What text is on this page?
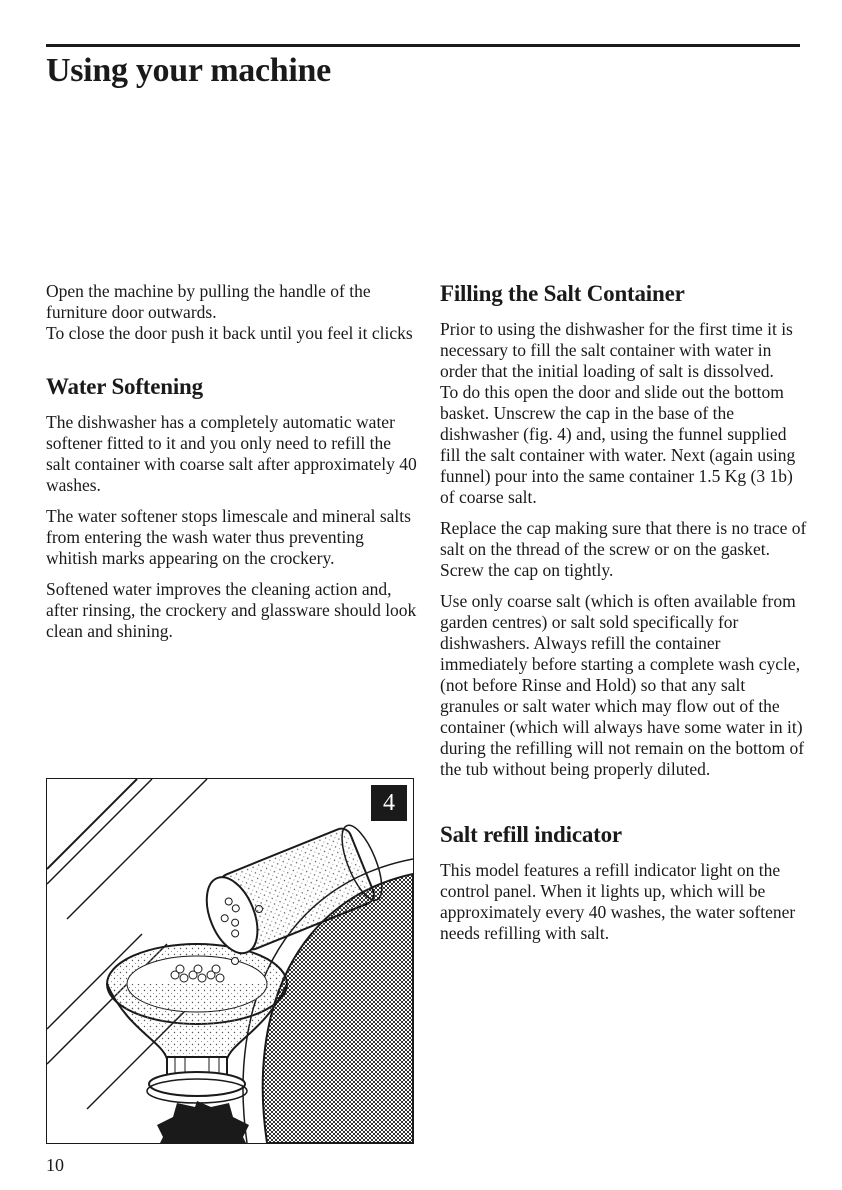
Using your machine

Open the machine by pulling the handle of the furniture door outwards.

To close the door push it back until you feel it clicks

Water Softening

The dishwasher has a completely automatic water softener fitted to it and you only need to refill the salt container with coarse salt after approximately 40 washes.

The water softener stops limescale and mineral salts from entering the wash water thus preventing whitish marks appearing on the crockery.

Softened water improves the cleaning action and, after rinsing, the crockery and glassware should look clean and shining.

4
Filling the Salt Container

Prior to using the dishwasher for the first time it is necessary to fill the salt container with water in order that the initial loading of salt is dissolved.

To do this open the door and slide out the bottom basket. Unscrew the cap in the base of the dishwasher (fig. 4) and, using the funnel supplied fill the salt container with water. Next (again using funnel) pour into the same container 1.5 Kg (3 1b) of coarse salt.

Replace the cap making sure that there is no trace of salt on the thread of the screw or on the gasket. Screw the cap on tightly.

Use only coarse salt (which is often available from garden centres) or salt sold specifically for dishwashers. Always refill the container immediately before starting a complete wash cycle, (not before Rinse and Hold) so that any salt granules or salt water which may flow out of the container (which will always have some water in it) during the refilling will not remain on the bottom of the tub without being properly diluted.

Salt refill indicator

This model features a refill indicator light on the control panel. When it lights up, which will be approximately every 40 washes, the water softener needs refilling with salt.

10
